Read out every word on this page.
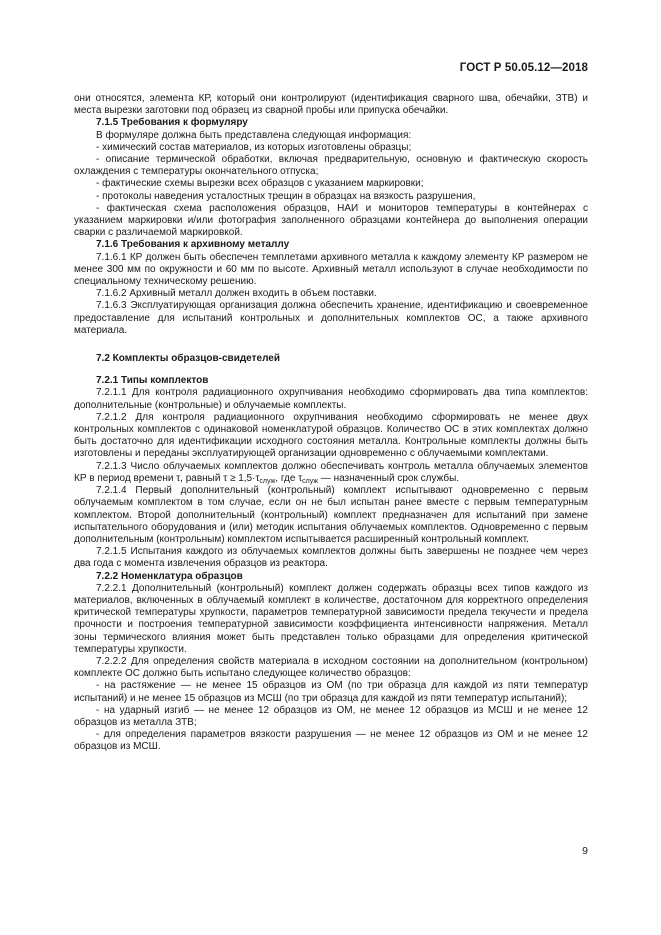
ГОСТ Р 50.05.12—2018

они относятся, элемента КР, который они контролируют (идентификация сварного шва, обечайки, ЗТВ) и места вырезки заготовки под образец из сварной пробы или припуска обечайки.

7.1.5 Требования к формуляру

В формуляре должна быть представлена следующая информация:

- химический состав материалов, из которых изготовлены образцы;

- описание термической обработки, включая предварительную, основную и фактическую скорость охлаждения с температуры окончательного отпуска;

- фактические схемы вырезки всех образцов с указанием маркировки;

- протоколы наведения усталостных трещин в образцах на вязкость разрушения,

- фактическая схема расположения образцов, НАИ и мониторов температуры в контейнерах с указанием маркировки и/или фотография заполненного образцами контейнера до выполнения операции сварки с различаемой маркировкой.

7.1.6 Требования к архивному металлу

7.1.6.1 КР должен быть обеспечен темплетами архивного металла к каждому элементу КР размером не менее 300 мм по окружности и 60 мм по высоте. Архивный металл используют в случае необходимости по специальному техническому решению.

7.1.6.2 Архивный металл должен входить в объем поставки.

7.1.6.3 Эксплуатирующая организация должна обеспечить хранение, идентификацию и своевременное предоставление для испытаний контрольных и дополнительных комплектов ОС, а также архивного материала.

7.2 Комплекты образцов-свидетелей

7.2.1 Типы комплектов

7.2.1.1 Для контроля радиационного охрупчивания необходимо сформировать два типа комплектов: дополнительные (контрольные) и облучаемые комплекты.

7.2.1.2 Для контроля радиационного охрупчивания необходимо сформировать не менее двух контрольных комплектов с одинаковой номенклатурой образцов. Количество ОС в этих комплектах должно быть достаточно для идентификации исходного состояния металла. Контрольные комплекты должны быть изготовлены и переданы эксплуатирующей организации одновременно с облучаемыми комплектами.

7.2.1.3 Число облучаемых комплектов должно обеспечивать контроль металла облучаемых элементов КР в период времени τ, равный $\tau \ge 1,5\cdot\tau_{служ}$, где $\tau_{служ}$ — назначенный срок службы.

7.2.1.4 Первый дополнительный (контрольный) комплект испытывают одновременно с первым облучаемым комплектом в том случае, если он не был испытан ранее вместе с первым температурным комплектом. Второй дополнительный (контрольный) комплект предназначен для испытаний при замене испытательного оборудования и (или) методик испытания облучаемых комплектов. Одновременно с первым дополнительным (контрольным) комплектом испытывается расширенный контрольный комплект.

7.2.1.5 Испытания каждого из облучаемых комплектов должны быть завершены не позднее чем через два года с момента извлечения образцов из реактора.

7.2.2 Номенклатура образцов

7.2.2.1 Дополнительный (контрольный) комплект должен содержать образцы всех типов каждого из материалов, включенных в облучаемый комплект в количестве, достаточном для корректного определения критической температуры хрупкости, параметров температурной зависимости предела текучести и предела прочности и построения температурной зависимости коэффициента интенсивности напряжения. Металл зоны термического влияния может быть представлен только образцами для определения критической температуры хрупкости.

7.2.2.2 Для определения свойств материала в исходном состоянии на дополнительном (контрольном) комплекте ОС должно быть испытано следующее количество образцов:

- на растяжение — не менее 15 образцов из ОМ (по три образца для каждой из пяти температур испытаний) и не менее 15 образцов из МСШ (по три образца для каждой из пяти температур испытаний);

- на ударный изгиб — не менее 12 образцов из ОМ, не менее 12 образцов из МСШ и не менее 12 образцов из металла ЗТВ;

- для определения параметров вязкости разрушения — не менее 12 образцов из ОМ и не менее 12 образцов из МСШ.

9
